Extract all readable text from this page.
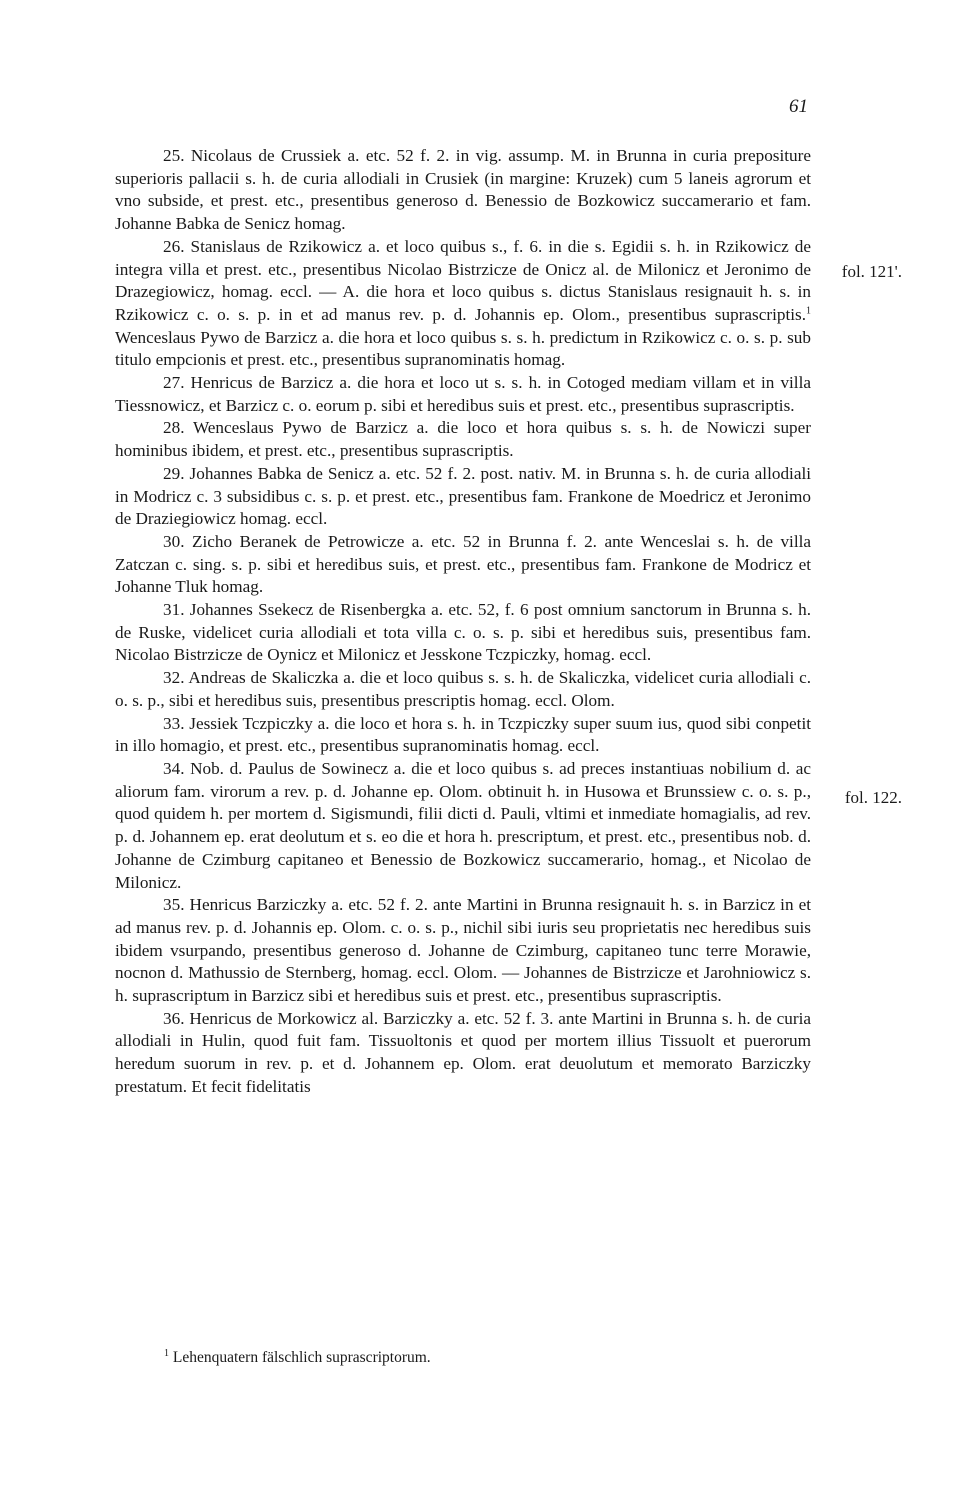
61
fol. 121'.
fol. 122.

25. Nicolaus de Crussiek a. etc. 52 f. 2. in vig. assump. M. in Brunna in curia prepositure superioris pallacii s. h. de curia allodiali in Crusiek (in margine: Kruzek) cum 5 laneis agrorum et vno subside, et prest. etc., presentibus generoso d. Benessio de Bozkowicz succamerario et fam. Johanne Babka de Senicz homag.

26. Stanislaus de Rzikowicz a. et loco quibus s., f. 6. in die s. Egidii s. h. in Rzikowicz de integra villa et prest. etc., presentibus Nicolao Bistrzicze de Onicz al. de Milonicz et Jeronimo de Drazegiowicz, homag. eccl. — A. die hora et loco quibus s. dictus Stanislaus resignauit h. s. in Rzikowicz c. o. s. p. in et ad manus rev. p. d. Johannis ep. Olom., presentibus suprascriptis.$^1$ Wenceslaus Pywo de Barzicz a. die hora et loco quibus s. s. h. predictum in Rzikowicz c. o. s. p. sub titulo empcionis et prest. etc., presentibus supranominatis homag.

27. Henricus de Barzicz a. die hora et loco ut s. s. h. in Cotoged mediam villam et in villa Tiessnowicz, et Barzicz c. o. eorum p. sibi et heredibus suis et prest. etc., presentibus suprascriptis.

28. Wenceslaus Pywo de Barzicz a. die loco et hora quibus s. s. h. de Nowiczi super hominibus ibidem, et prest. etc., presentibus suprascriptis.

29. Johannes Babka de Senicz a. etc. 52 f. 2. post. nativ. M. in Brunna s. h. de curia allodiali in Modricz c. 3 subsidibus c. s. p. et prest. etc., presentibus fam. Frankone de Moedricz et Jeronimo de Draziegiowicz homag. eccl.

30. Zicho Beranek de Petrowicze a. etc. 52 in Brunna f. 2. ante Wenceslai s. h. de villa Zatczan c. sing. s. p. sibi et heredibus suis, et prest. etc., presentibus fam. Frankone de Modricz et Johanne Tluk homag.

31. Johannes Ssekecz de Risenbergka a. etc. 52, f. 6 post omnium sanctorum in Brunna s. h. de Ruske, videlicet curia allodiali et tota villa c. o. s. p. sibi et heredibus suis, presentibus fam. Nicolao Bistrzicze de Oynicz et Milonicz et Jesskone Tczpiczky, homag. eccl.

32. Andreas de Skaliczka a. die et loco quibus s. s. h. de Skaliczka, videlicet curia allodiali c. o. s. p., sibi et heredibus suis, presentibus prescriptis homag. eccl. Olom.

33. Jessiek Tczpiczky a. die loco et hora s. h. in Tczpiczky super suum ius, quod sibi conpetit in illo homagio, et prest. etc., presentibus supranominatis homag. eccl.

34. Nob. d. Paulus de Sowinecz a. die et loco quibus s. ad preces instantiuas nobilium d. ac aliorum fam. virorum a rev. p. d. Johanne ep. Olom. obtinuit h. in Husowa et Brunssiew c. o. s. p., quod quidem h. per mortem d. Sigismundi, filii dicti d. Pauli, vltimi et inmediate homagialis, ad rev. p. d. Johannem ep. erat deolutum et s. eo die et hora h. prescriptum, et prest. etc., presentibus nob. d. Johanne de Czimburg capitaneo et Benessio de Bozkowicz succamerario, homag., et Nicolao de Milonicz.

35. Henricus Barziczky a. etc. 52 f. 2. ante Martini in Brunna resignauit h. s. in Barzicz in et ad manus rev. p. d. Johannis ep. Olom. c. o. s. p., nichil sibi iuris seu proprietatis nec heredibus suis ibidem vsurpando, presentibus generoso d. Johanne de Czimburg, capitaneo tunc terre Morawie, nocnon d. Mathussio de Sternberg, homag. eccl. Olom. — Johannes de Bistrzicze et Jarohniowicz s. h. suprascriptum in Barzicz sibi et heredibus suis et prest. etc., presentibus suprascriptis.

36. Henricus de Morkowicz al. Barziczky a. etc. 52 f. 3. ante Martini in Brunna s. h. de curia allodiali in Hulin, quod fuit fam. Tissuoltonis et quod per mortem illius Tissuolt et puerorum heredum suorum in rev. p. et d. Johannem ep. Olom. erat deuolutum et memorato Barziczky prestatum. Et fecit fidelitatis

$^1$ Lehenquatern fälschlich suprascriptorum.
